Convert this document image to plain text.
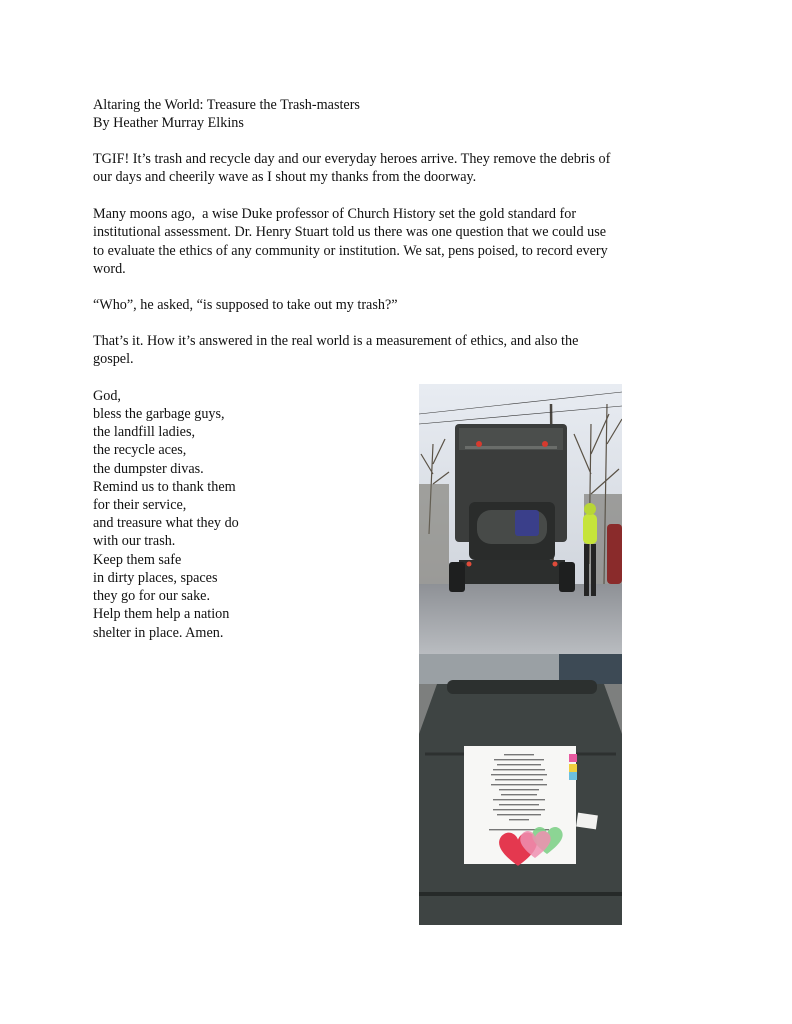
Altaring the World: Treasure the Trash-masters

By Heather Murray Elkins

TGIF! It’s trash and recycle day and our everyday heroes arrive. They remove the debris of
our days and cheerily wave as I shout my thanks from the doorway.

Many moons ago,  a wise Duke professor of Church History set the gold standard for
institutional assessment. Dr. Henry Stuart told us there was one question that we could use
to evaluate the ethics of any community or institution. We sat, pens poised, to record every
word.

“Who”, he asked, “is supposed to take out my trash?”

That’s it. How it’s answered in the real world is a measurement of ethics, and also the
gospel.

God,

bless the garbage guys,

the landfill ladies,

the recycle aces,

the dumpster divas.

Remind us to thank them

for their service,

and treasure what they do

with our trash.

Keep them safe

in dirty places, spaces

they go for our sake.

Help them help a nation

shelter in place. Amen.
